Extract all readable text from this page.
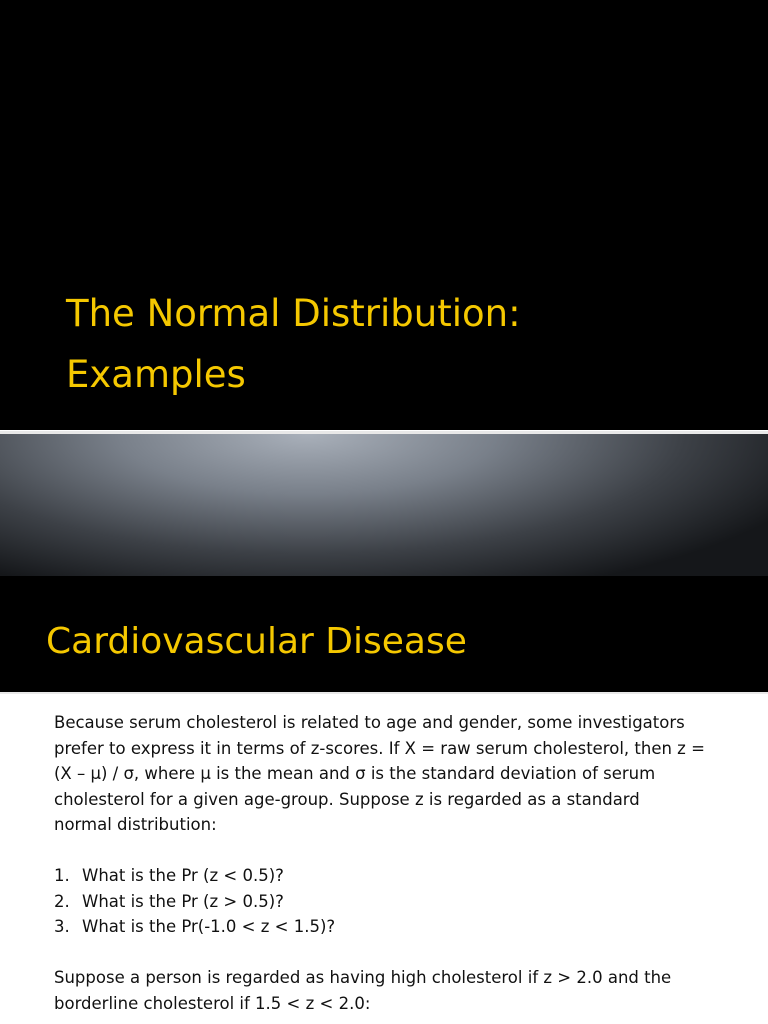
The Normal Distribution:
Examples
Cardiovascular Disease

Because serum cholesterol is related to age and gender, some investigators

prefer to express it in terms of z-scores. If X = raw serum cholesterol, then z =

(X – μ) / σ, where μ is the mean and σ is the standard deviation of serum

cholesterol for a given age-group. Suppose z is regarded as a standard

normal distribution:

1. What is the Pr (z < 0.5)?
2. What is the Pr (z > 0.5)?
3. What is the Pr(-1.0 < z < 1.5)?

Suppose a person is regarded as having high cholesterol if z > 2.0 and the

borderline cholesterol if 1.5 < z < 2.0:
